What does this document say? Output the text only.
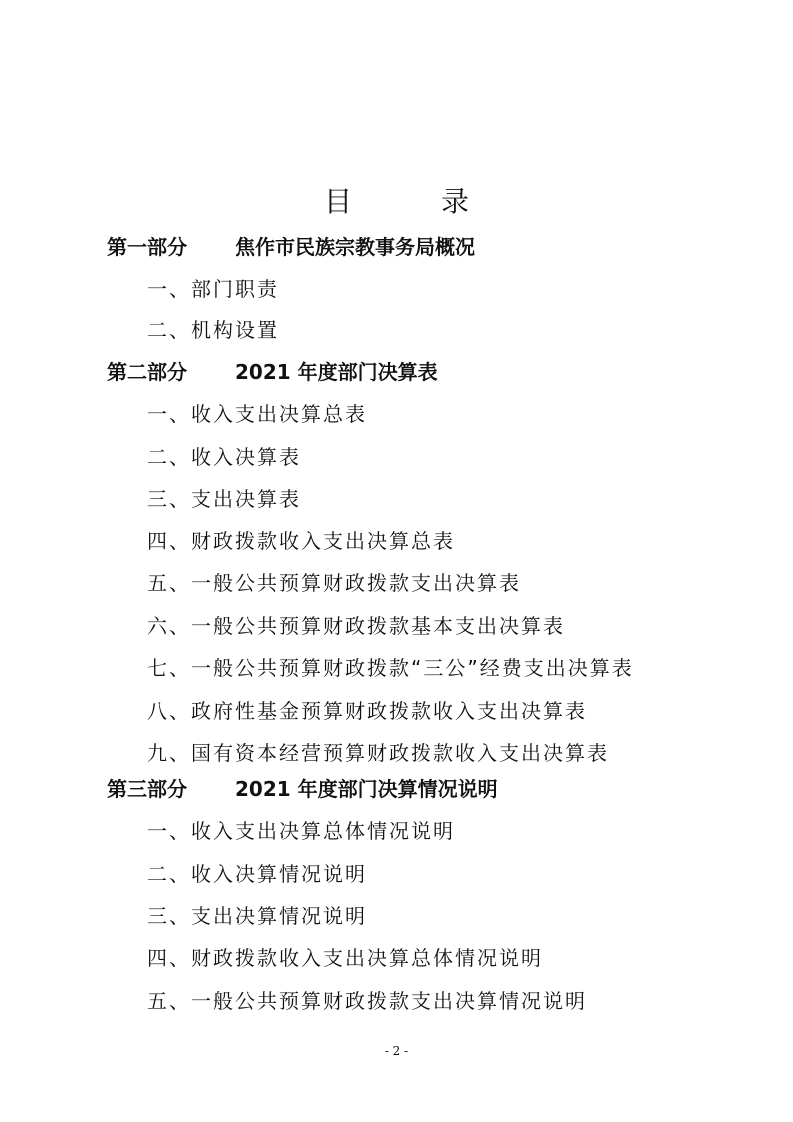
目 录
第一部分 焦作市民族宗教事务局概况
一、部门职责
二、机构设置
第二部分 2021 年度部门决算表
一、收入支出决算总表
二、收入决算表
三、支出决算表
四、财政拨款收入支出决算总表
五、一般公共预算财政拨款支出决算表
六、一般公共预算财政拨款基本支出决算表
七、一般公共预算财政拨款“三公”经费支出决算表
八、政府性基金预算财政拨款收入支出决算表
九、国有资本经营预算财政拨款收入支出决算表
第三部分 2021 年度部门决算情况说明
一、收入支出决算总体情况说明
二、收入决算情况说明
三、支出决算情况说明
四、财政拨款收入支出决算总体情况说明
五、一般公共预算财政拨款支出决算情况说明
- 2 -
